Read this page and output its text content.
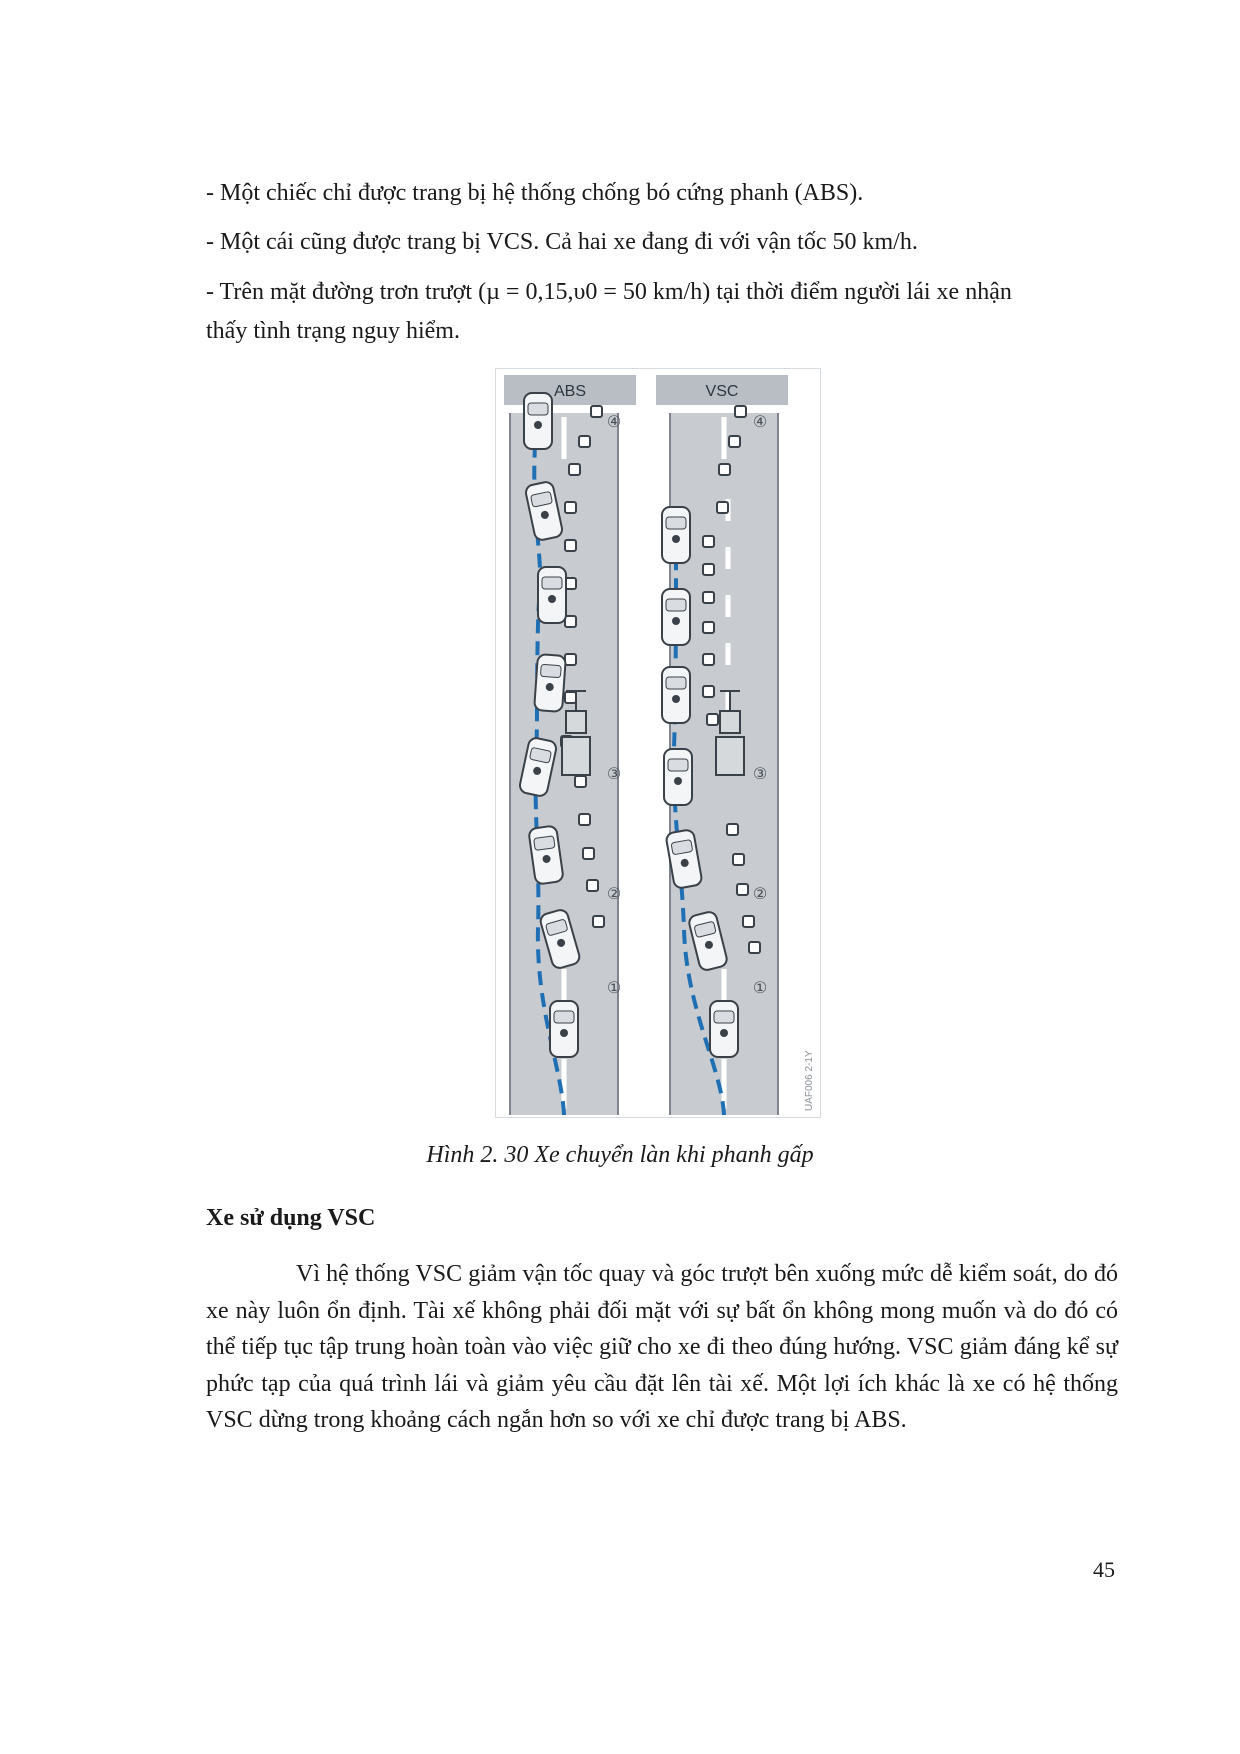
- Một chiếc chỉ được trang bị hệ thống chống bó cứng phanh (ABS).
- Một cái cũng được trang bị VCS. Cả hai xe đang đi với vận tốc 50 km/h.
- Trên mặt đường trơn trượt (µ = 0,15,υ0 = 50 km/h) tại thời điểm người lái xe nhận
thấy tình trạng nguy hiểm.
ABS	VSC
④	④
③	③
②	②
①	①
UAF006 2-1Y
Hình 2. 30 Xe chuyển làn khi phanh gấp
Xe sử dụng VSC

Vì hệ thống VSC giảm vận tốc quay và góc trượt bên xuống mức dễ kiểm soát, do đó xe này luôn ổn định. Tài xế không phải đối mặt với sự bất ổn không mong muốn và do đó có thể tiếp tục tập trung hoàn toàn vào việc giữ cho xe đi theo đúng hướng. VSC giảm đáng kể sự phức tạp của quá trình lái và giảm yêu cầu đặt lên tài xế. Một lợi ích khác là xe có hệ thống VSC dừng trong khoảng cách ngắn hơn so với xe chỉ được trang bị ABS.

45
